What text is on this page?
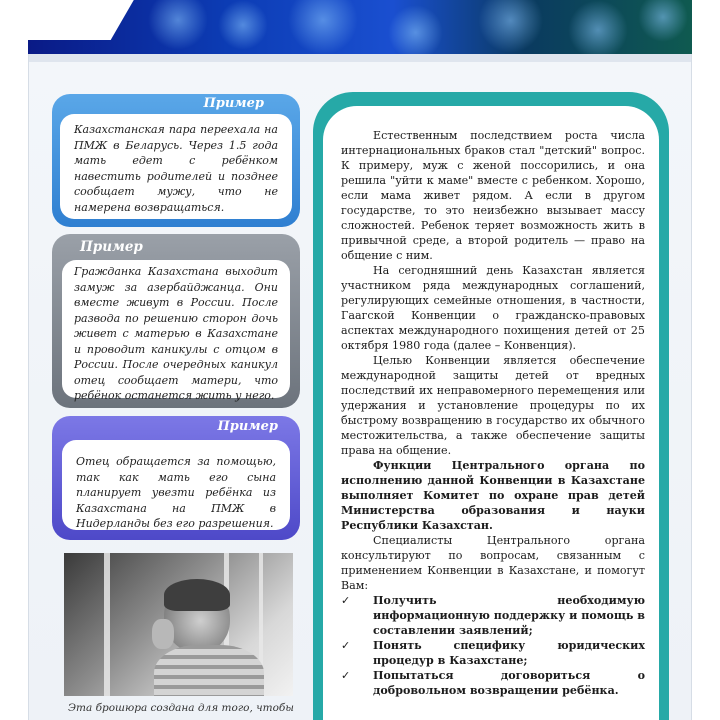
Пример
Казахстанская пара переехала на ПМЖ в Беларусь. Через 1.5 года мать едет с ребёнком навестить родителей и позднее сообщает мужу, что не намерена возвращаться.
Пример
Гражданка Казахстана выходит замуж за азербайджанца. Они вместе живут в России. После развода по решению сторон дочь живет с матерью в Казахстане и проводит каникулы с отцом в России. После очередных каникул отец сообщает матери, что ребёнок останется жить у него.
Пример
Отец обращается за помощью, так как мать его сына планирует увезти ребёнка из Казахстана на ПМЖ в Нидерланды без его разрешения.
Эта брошюра создана для того, чтобы

Естественным последствием роста числа интернациональных браков стал "детский" вопрос. К примеру, муж с женой поссорились, и она решила "уйти к маме" вместе с ребенком. Хорошо, если мама живет рядом. А если в другом государстве, то это неизбежно вызывает массу сложностей. Ребенок теряет возможность жить в привычной среде, а второй родитель — право на общение с ним.

На сегодняшний день Казахстан является участником ряда международных соглашений, регулирующих семейные отношения, в частности, Гаагской Конвенции о гражданско-правовых аспектах международного похищения детей от 25 октября 1980 года (далее – Конвенция).

Целью Конвенции является обеспечение международной защиты детей от вредных последствий их неправомерного перемещения или удержания и установление процедуры по их быстрому возвращению в государство их обычного местожительства, а также обеспечение защиты права на общение.

Функции Центрального органа по исполнению данной Конвенции в Казахстане выполняет Комитет по охране прав детей Министерства образования и науки Республики Казахстан.

Специалисты Центрального органа консультируют по вопросам, связанным с применением Конвенции в Казахстане, и помогут Вам:

✓ Получить необходимую информационную поддержку и помощь в составлении заявлений;
✓ Понять специфику юридических процедур в Казахстане;
✓ Попытаться договориться о добровольном возвращении ребёнка.
